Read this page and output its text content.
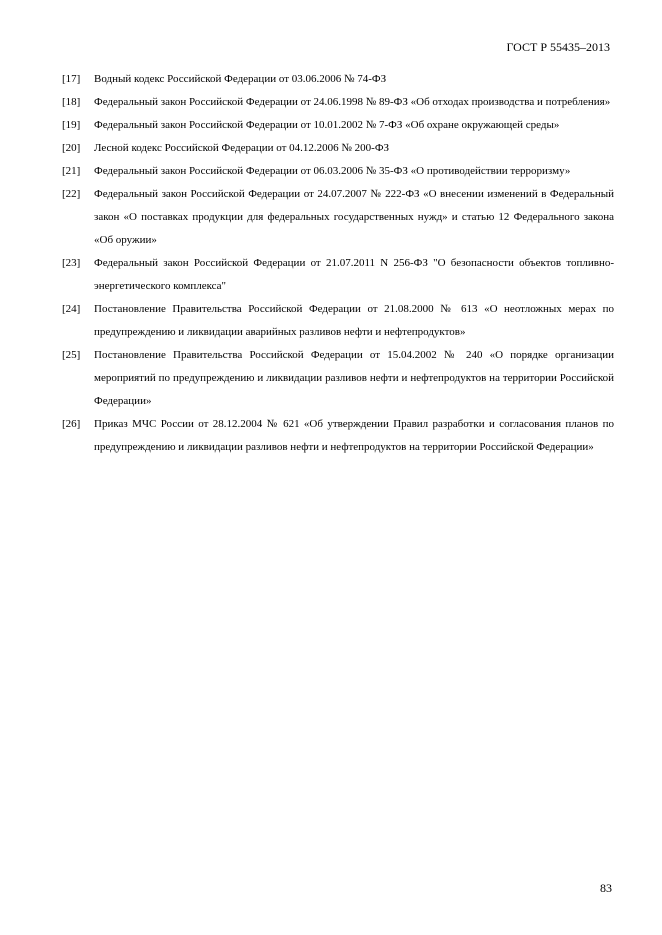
ГОСТ Р 55435–2013
[17]	Водный кодекс Российской Федерации от 03.06.2006 № 74-ФЗ
[18]	Федеральный закон Российской Федерации от 24.06.1998 № 89-ФЗ «Об отходах производства и потребления»
[19]	Федеральный закон Российской Федерации от 10.01.2002 № 7-ФЗ «Об охране окружающей среды»
[20]	Лесной кодекс Российской Федерации от 04.12.2006 № 200-ФЗ
[21]	Федеральный закон Российской Федерации от 06.03.2006 № 35-ФЗ «О противодействии терроризму»
[22]	Федеральный закон Российской Федерации от 24.07.2007 № 222-ФЗ «О внесении изменений в Федеральный закон «О поставках продукции для федеральных государственных нужд» и статью 12 Федерального закона «Об оружии»
[23]	Федеральный закон Российской Федерации от 21.07.2011 N 256-ФЗ "О безопасности объектов топливно-энергетического комплекса"
[24]	Постановление Правительства Российской Федерации от 21.08.2000 № 613 «О неотложных мерах по предупреждению и ликвидации аварийных разливов нефти и нефтепродуктов»
[25]	Постановление Правительства Российской Федерации от 15.04.2002 № 240 «О порядке организации мероприятий по предупреждению и ликвидации разливов нефти и нефтепродуктов на территории Российской Федерации»
[26]	Приказ МЧС России от 28.12.2004 № 621 «Об утверждении Правил разработки и согласования планов по предупреждению и ликвидации разливов нефти и нефтепродуктов на территории Российской Федерации»
83
